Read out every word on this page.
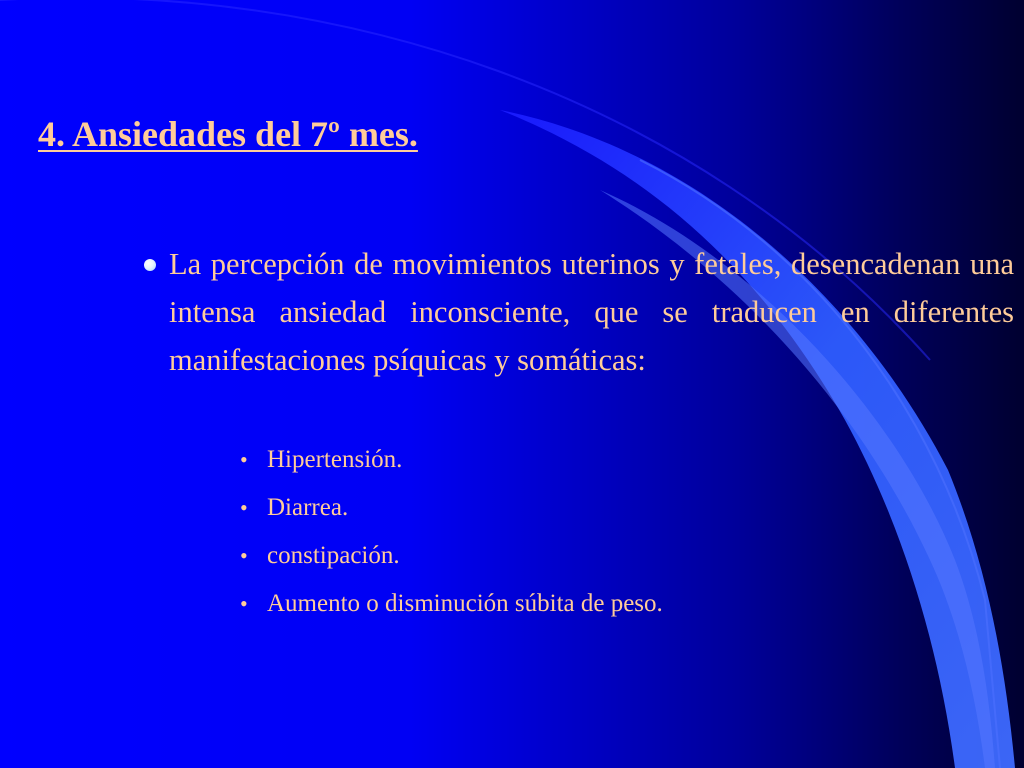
4. Ansiedades del 7º mes.

La percepción de movimientos uterinos y fetales, desencadenan una intensa ansiedad inconsciente, que se traducen en diferentes manifestaciones psíquicas y somáticas:

• Hipertensión.
• Diarrea.
• constipación.
• Aumento o disminución súbita de peso.
